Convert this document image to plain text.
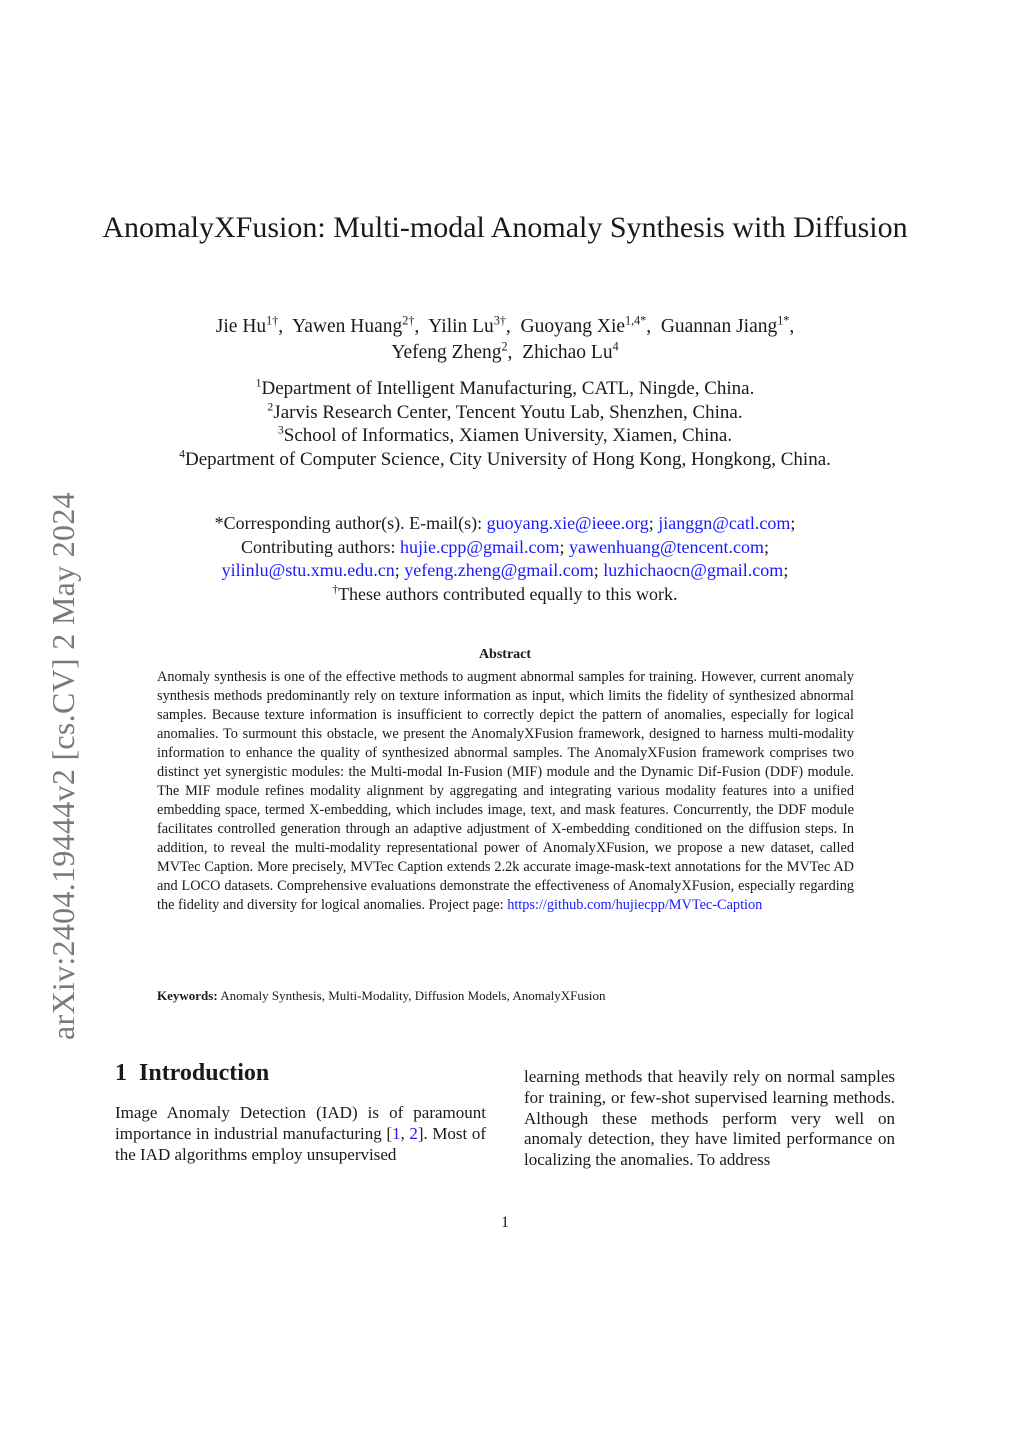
arXiv:2404.19444v2 [cs.CV] 2 May 2024
AnomalyXFusion: Multi-modal Anomaly Synthesis with Diffusion
Jie $Hu^{1\dagger}$,  Yawen Huang$^{2\dagger}$,  Yilin $Lu^{3\dagger}$,  Guoyang Xie$^{1,4*}$,  Guannan Jiang$^{1*}$,
Yefeng Zheng$^2$,  Zhichao Lu$^4$
$^1$Department of Intelligent Manufacturing, CATL, Ningde, China.
$^2$Jarvis Research Center, Tencent Youtu Lab, Shenzhen, China.
$^3$School of Informatics, Xiamen University, Xiamen, China.
$^4$Department of Computer Science, City University of Hong Kong, Hongkong, China.
*Corresponding author(s). E-mail(s): guoyang.xie@ieee.org; jianggn@catl.com;
Contributing authors: hujie.cpp@gmail.com; yawenhuang@tencent.com;
yilinlu@stu.xmu.edu.cn; yefeng.zheng@gmail.com; luzhichaocn@gmail.com;
†These authors contributed equally to this work.
Abstract
Anomaly synthesis is one of the effective methods to augment abnormal samples for training. However, current anomaly synthesis methods predominantly rely on texture information as input, which limits the fidelity of synthesized abnormal samples. Because texture information is insufficient to correctly depict the pattern of anomalies, especially for logical anomalies. To surmount this obstacle, we present the AnomalyXFusion framework, designed to harness multi-modality information to enhance the quality of synthesized abnormal samples. The AnomalyXFusion framework comprises two distinct yet synergistic modules: the Multi-modal In-Fusion (MIF) module and the Dynamic Dif-Fusion (DDF) module. The MIF module refines modality alignment by aggregating and integrating various modality features into a unified embedding space, termed X-embedding, which includes image, text, and mask features. Concurrently, the DDF module facilitates controlled generation through an adaptive adjustment of X-embedding conditioned on the diffusion steps. In addition, to reveal the multi-modality representational power of AnomalyXFusion, we propose a new dataset, called MVTec Caption. More precisely, MVTec Caption extends 2.2k accurate image-mask-text annotations for the MVTec AD and LOCO datasets. Comprehensive evaluations demonstrate the effectiveness of AnomalyXFusion, especially regarding the fidelity and diversity for logical anomalies. Project page: https://github.com/hujiecpp/MVTec-Caption
Keywords: Anomaly Synthesis, Multi-Modality, Diffusion Models, AnomalyXFusion
1 Introduction
Image Anomaly Detection (IAD) is of paramount importance in industrial manufacturing [1, 2]. Most of the IAD algorithms employ unsupervised
learning methods that heavily rely on normal samples for training, or few-shot supervised learning methods. Although these methods perform very well on anomaly detection, they have limited performance on localizing the anomalies. To address
1
